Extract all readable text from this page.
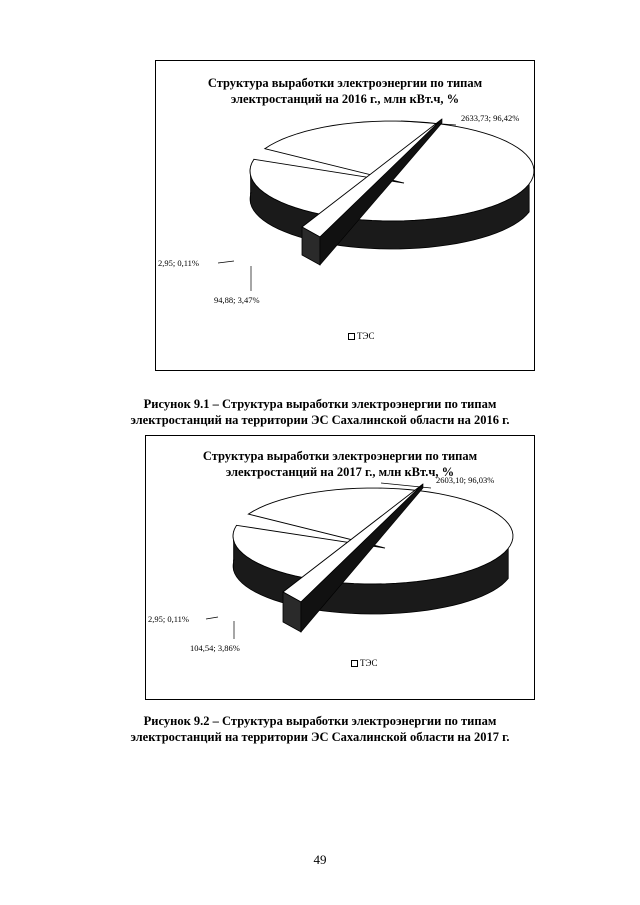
Структура выработки электроэнергии по типам
электростанций на 2016 г., млн кВт.ч, %
2633,73; 96,42%
94,88; 3,47%
2,95; 0,11%
ТЭС
Рисунок 9.1 – Структура выработки электроэнергии по типам электростанций на территории ЭС Сахалинской области на 2016 г.
Структура выработки электроэнергии по типам
электростанций на 2017 г., млн кВт.ч, %
2603,10; 96,03%
104,54; 3,86%
2,95; 0,11%
ТЭС
Рисунок 9.2 – Структура выработки электроэнергии по типам электростанций на территории ЭС Сахалинской области на 2017 г.
49
